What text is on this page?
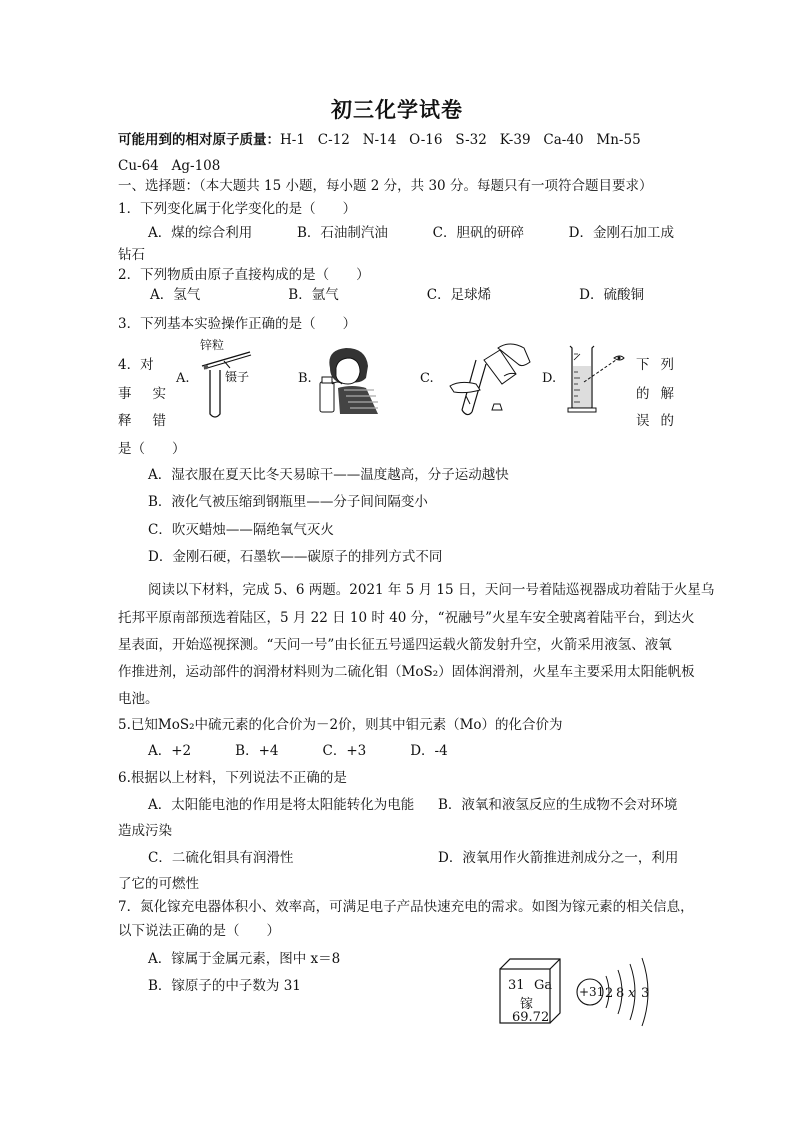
初三化学试卷
可能用到的相对原子质量：H-1   C-12   N-14   O-16   S-32   K-39   Ca-40   Mn-55
Cu-64   Ag-108
一、选择题：（本大题共 15 小题，每小题 2 分，共 30 分。每题只有一项符合题目要求）
1．下列变化属于化学变化的是（　　）
A．煤的综合利用	B．石油制汽油	C．胆矾的研碎	D．金刚石加工成
钻石
2．下列物质由原子直接构成的是（　　）
A．氢气	B．氩气	C．足球烯	D．硫酸铜
3．下列基本实验操作正确的是（　　）
4．对
事 实
释 错
下 列
的 解
误 的
A.
锌粒
镊子	B.	C.	D.
是（　　）
A．湿衣服在夏天比冬天易晾干——温度越高，分子运动越快
B．液化气被压缩到钢瓶里——分子间间隔变小
C．吹灭蜡烛——隔绝氧气灭火
D．金刚石硬，石墨软——碳原子的排列方式不同
阅读以下材料，完成 5、6 两题。2021 年 5 月 15 日，天问一号着陆巡视器成功着陆于火星乌
托邦平原南部预选着陆区，5 月 22 日 10 时 40 分，“祝融号”火星车安全驶离着陆平台，到达火
星表面，开始巡视探测。“天问一号”由长征五号遥四运载火箭发射升空，火箭采用液氢、液氧
作推进剂，运动部件的润滑材料则为二硫化钼（MoS₂）固体润滑剂，火星车主要采用太阳能帆板
电池。
5.已知MoS₂中硫元素的化合价为－2价，则其中钼元素（Mo）的化合价为
A．+2	B．+4	C．+3	D．-4
6.根据以上材料，下列说法不正确的是
A．太阳能电池的作用是将太阳能转化为电能 B．液氧和液氢反应的生成物不会对环境
造成污染
C．二硫化钼具有润滑性	D．液氧用作火箭推进剂成分之一，利用
了它的可燃性
7．氮化镓充电器体积小、效率高，可满足电子产品快速充电的需求。如图为镓元素的相关信息，
以下说法正确的是（　　）
A．镓属于金属元素，图中 x＝8
B．镓原子的中子数为 31	31 Ga
镓
69.72
+31 2 8 x 3
